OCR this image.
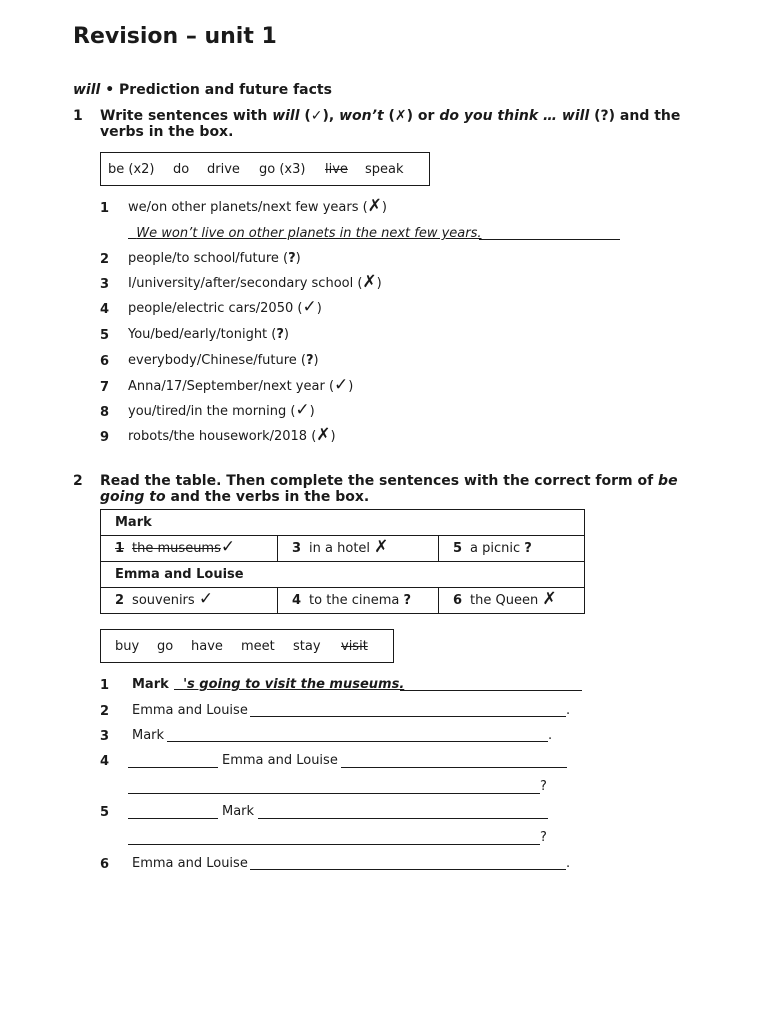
Revision – unit 1
will • Prediction and future facts
1 Write sentences with will (✓), won’t (✗) or do you think … will (?) and the
verbs in the box.
be (x2) do drive go (x3) live speak
1 we/on other planets/next few years (✗)
We won’t live on other planets in the next few years.
2 people/to school/future (?)
3 I/university/after/secondary school (✗)
4 people/electric cars/2050 (✓)
5 You/bed/early/tonight (?)
6 everybody/Chinese/future (?)
7 Anna/17/September/next year (✓)
8 you/tired/in the morning (✓)
9 robots/the housework/2018 (✗)
2 Read the table. Then complete the sentences with the correct form of be
going to and the verbs in the box.
Mark		
1 the museums✓	3 in a hotel ✗	5 a picnic ?
Emma and Louise		
2 souvenirs ✓	4 to the cinema ?	6 the Queen ✗
buy go have meet stay visit
1 Mark	's going to visit the museums.
2 Emma and Louise	.
3 Mark	.
4	Emma and Louise
?
5	Mark
?
6 Emma and Louise	.
